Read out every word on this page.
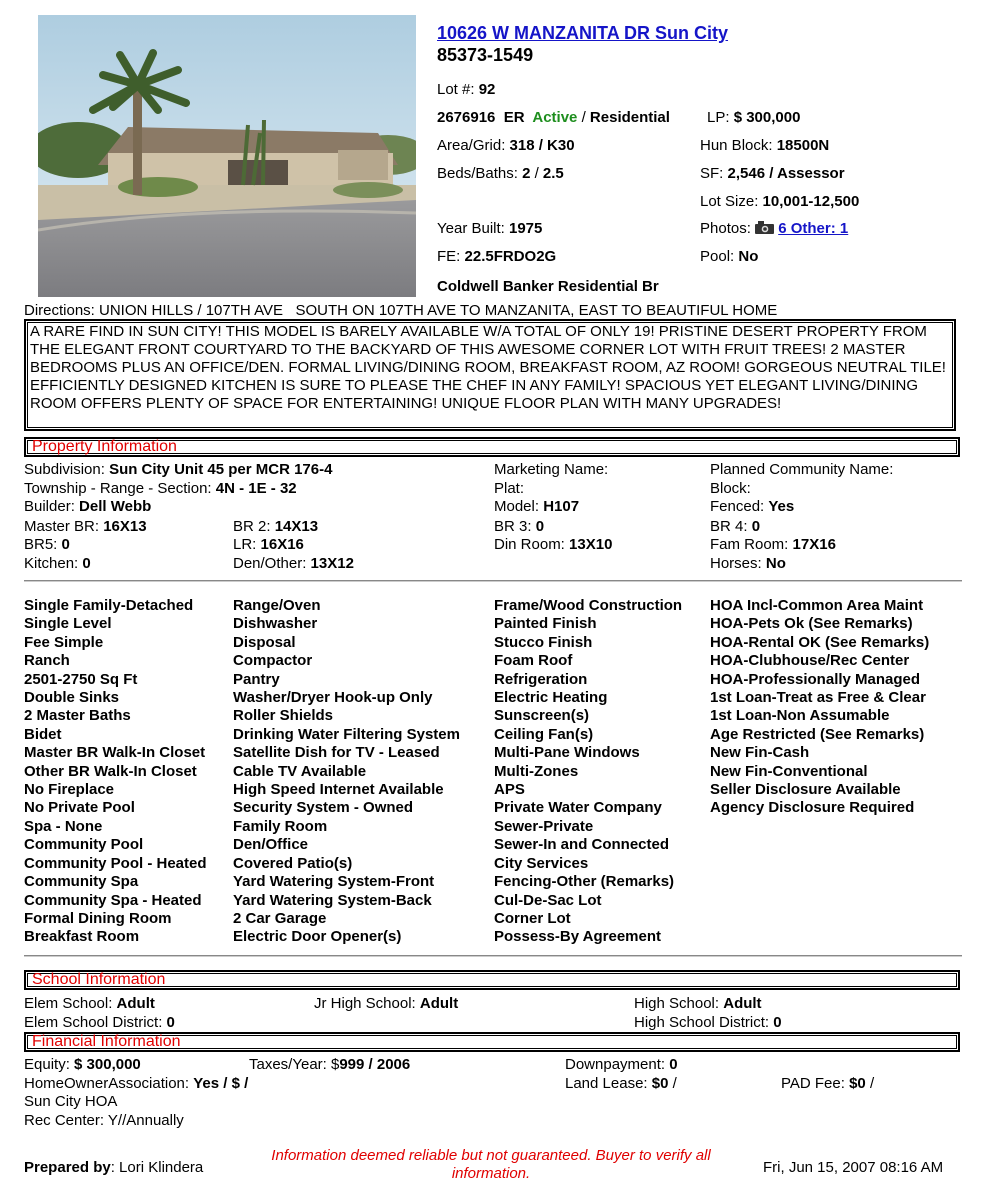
10626 W MANZANITA DR Sun City
85373-1549
Lot #: 92
2676916 ER Active / Residential LP: $ 300,000
Area/Grid: 318 / K30	Hun Block: 18500N
Beds/Baths: 2 / 2.5	SF: 2,546 / Assessor
Lot Size: 10,001-12,500
Year Built: 1975	Photos: 6 Other: 1
FE: 22.5FRDO2G	Pool: No
Coldwell Banker Residential Br
Directions: UNION HILLS / 107TH AVE   SOUTH ON 107TH AVE TO MANZANITA, EAST TO BEAUTIFUL HOME
A RARE FIND IN SUN CITY! THIS MODEL IS BARELY AVAILABLE W/A TOTAL OF ONLY 19! PRISTINE DESERT PROPERTY FROM THE ELEGANT FRONT COURTYARD TO THE BACKYARD OF THIS AWESOME CORNER LOT WITH FRUIT TREES! 2 MASTER BEDROOMS PLUS AN OFFICE/DEN. FORMAL LIVING/DINING ROOM, BREAKFAST ROOM, AZ ROOM! GORGEOUS NEUTRAL TILE! EFFICIENTLY DESIGNED KITCHEN IS SURE TO PLEASE THE CHEF IN ANY FAMILY! SPACIOUS YET ELEGANT LIVING/DINING ROOM OFFERS PLENTY OF SPACE FOR ENTERTAINING! UNIQUE FLOOR PLAN WITH MANY UPGRADES!
Property Information
Subdivision: Sun City Unit 45 per MCR 176-4	Marketing Name:	Planned Community Name:
Township - Range - Section: 4N - 1E - 32	Plat:	Block:
Builder: Dell Webb	Model: H107	Fenced: Yes
Master BR: 16X13	BR 2: 14X13	BR 3: 0	BR 4: 0
BR5: 0	LR: 16X16	Din Room: 13X10	Fam Room: 17X16
Kitchen: 0	Den/Other: 13X12	Horses: No
Single Family-Detached
Single Level
Fee Simple
Ranch
2501-2750 Sq Ft
Double Sinks
2 Master Baths
Bidet
Master BR Walk-In Closet
Other BR Walk-In Closet
No Fireplace
No Private Pool
Spa - None
Community Pool
Community Pool - Heated
Community Spa
Community Spa - Heated
Formal Dining Room
Breakfast Room
Range/Oven
Dishwasher
Disposal
Compactor
Pantry
Washer/Dryer Hook-up Only
Roller Shields
Drinking Water Filtering System
Satellite Dish for TV - Leased
Cable TV Available
High Speed Internet Available
Security System - Owned
Family Room
Den/Office
Covered Patio(s)
Yard Watering System-Front
Yard Watering System-Back
2 Car Garage
Electric Door Opener(s)
Frame/Wood Construction
Painted Finish
Stucco Finish
Foam Roof
Refrigeration
Electric Heating
Sunscreen(s)
Ceiling Fan(s)
Multi-Pane Windows
Multi-Zones
APS
Private Water Company
Sewer-Private
Sewer-In and Connected
City Services
Fencing-Other (Remarks)
Cul-De-Sac Lot
Corner Lot
Possess-By Agreement
HOA Incl-Common Area Maint
HOA-Pets Ok (See Remarks)
HOA-Rental OK (See Remarks)
HOA-Clubhouse/Rec Center
HOA-Professionally Managed
1st Loan-Treat as Free & Clear
1st Loan-Non Assumable
Age Restricted (See Remarks)
New Fin-Cash
New Fin-Conventional
Seller Disclosure Available
Agency Disclosure Required
School Information
Elem School: Adult	Jr High School: Adult	High School: Adult
Elem School District: 0	High School District: 0
Financial Information
Equity: $ 300,000	Taxes/Year: $999 / 2006	Downpayment: 0
HomeOwnerAssociation: Yes / $ /	Land Lease: $0 /	PAD Fee: $0 /
Sun City HOA
Rec Center: Y//Annually
Prepared by: Lori Klindera
Information deemed reliable but not guaranteed. Buyer to verify all information.	Fri, Jun 15, 2007 08:16 AM
